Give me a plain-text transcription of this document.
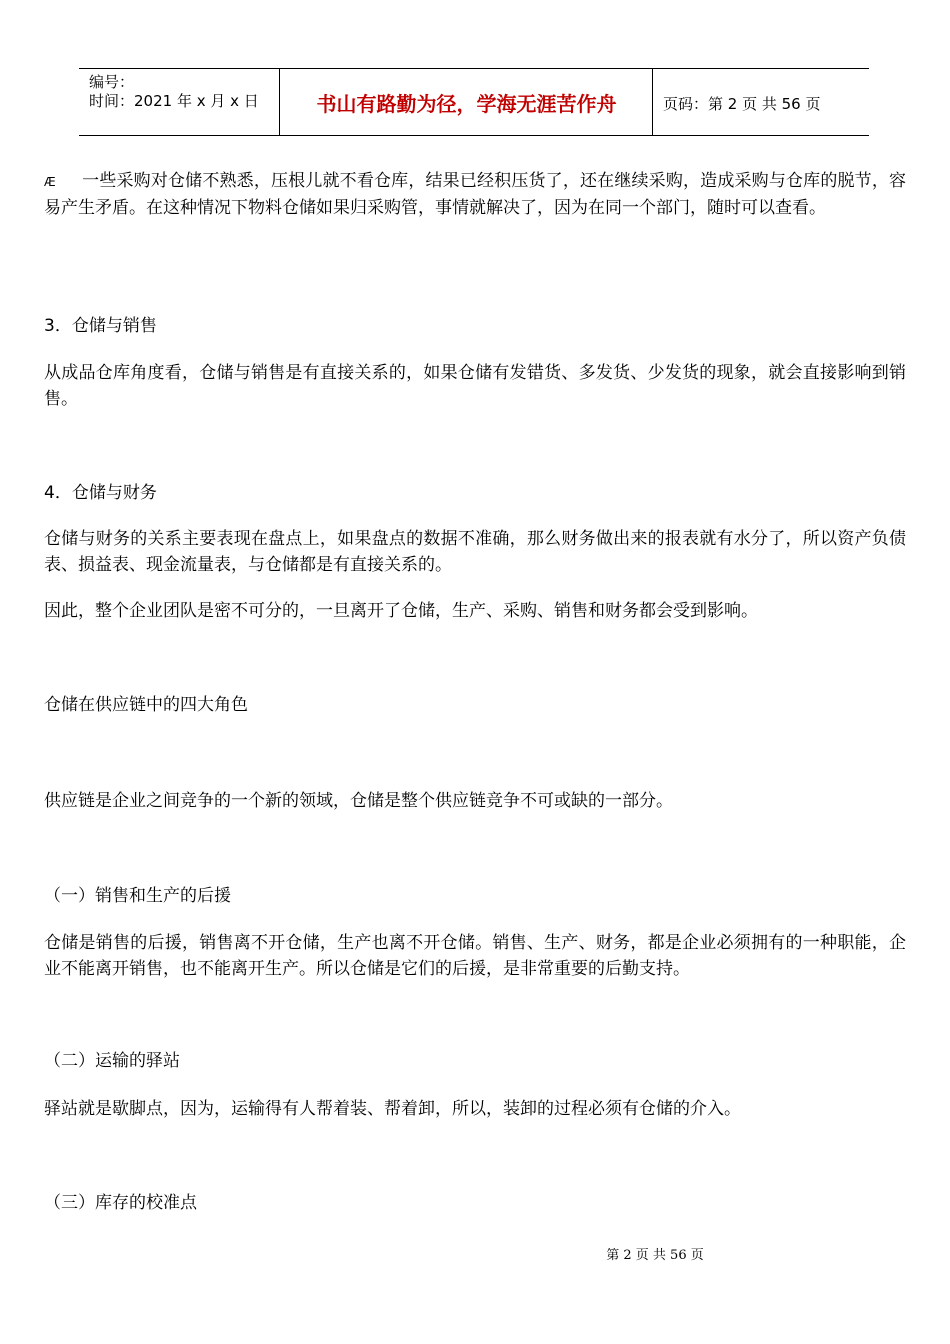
编号：
时间：2021 年 x 月 x 日	书山有路勤为径，学海无涯苦作舟	页码：第 2 页 共 56 页

Æ 一些采购对仓储不熟悉，压根儿就不看仓库，结果已经积压货了，还在继续采购，造成采购与仓库的脱节，容易产生矛盾。在这种情况下物料仓储如果归采购管，事情就解决了，因为在同一个部门，随时可以查看。

3．仓储与销售

从成品仓库角度看，仓储与销售是有直接关系的，如果仓储有发错货、多发货、少发货的现象，就会直接影响到销售。

4．仓储与财务

仓储与财务的关系主要表现在盘点上，如果盘点的数据不准确，那么财务做出来的报表就有水分了，所以资产负债表、损益表、现金流量表，与仓储都是有直接关系的。

因此，整个企业团队是密不可分的，一旦离开了仓储，生产、采购、销售和财务都会受到影响。

仓储在供应链中的四大角色

供应链是企业之间竞争的一个新的领域，仓储是整个供应链竞争不可或缺的一部分。

（一）销售和生产的后援

仓储是销售的后援，销售离不开仓储，生产也离不开仓储。销售、生产、财务，都是企业必须拥有的一种职能，企业不能离开销售，也不能离开生产。所以仓储是它们的后援，是非常重要的后勤支持。

（二）运输的驿站

驿站就是歇脚点，因为，运输得有人帮着装、帮着卸，所以，装卸的过程必须有仓储的介入。

（三）库存的校准点

第 2 页 共 56 页
